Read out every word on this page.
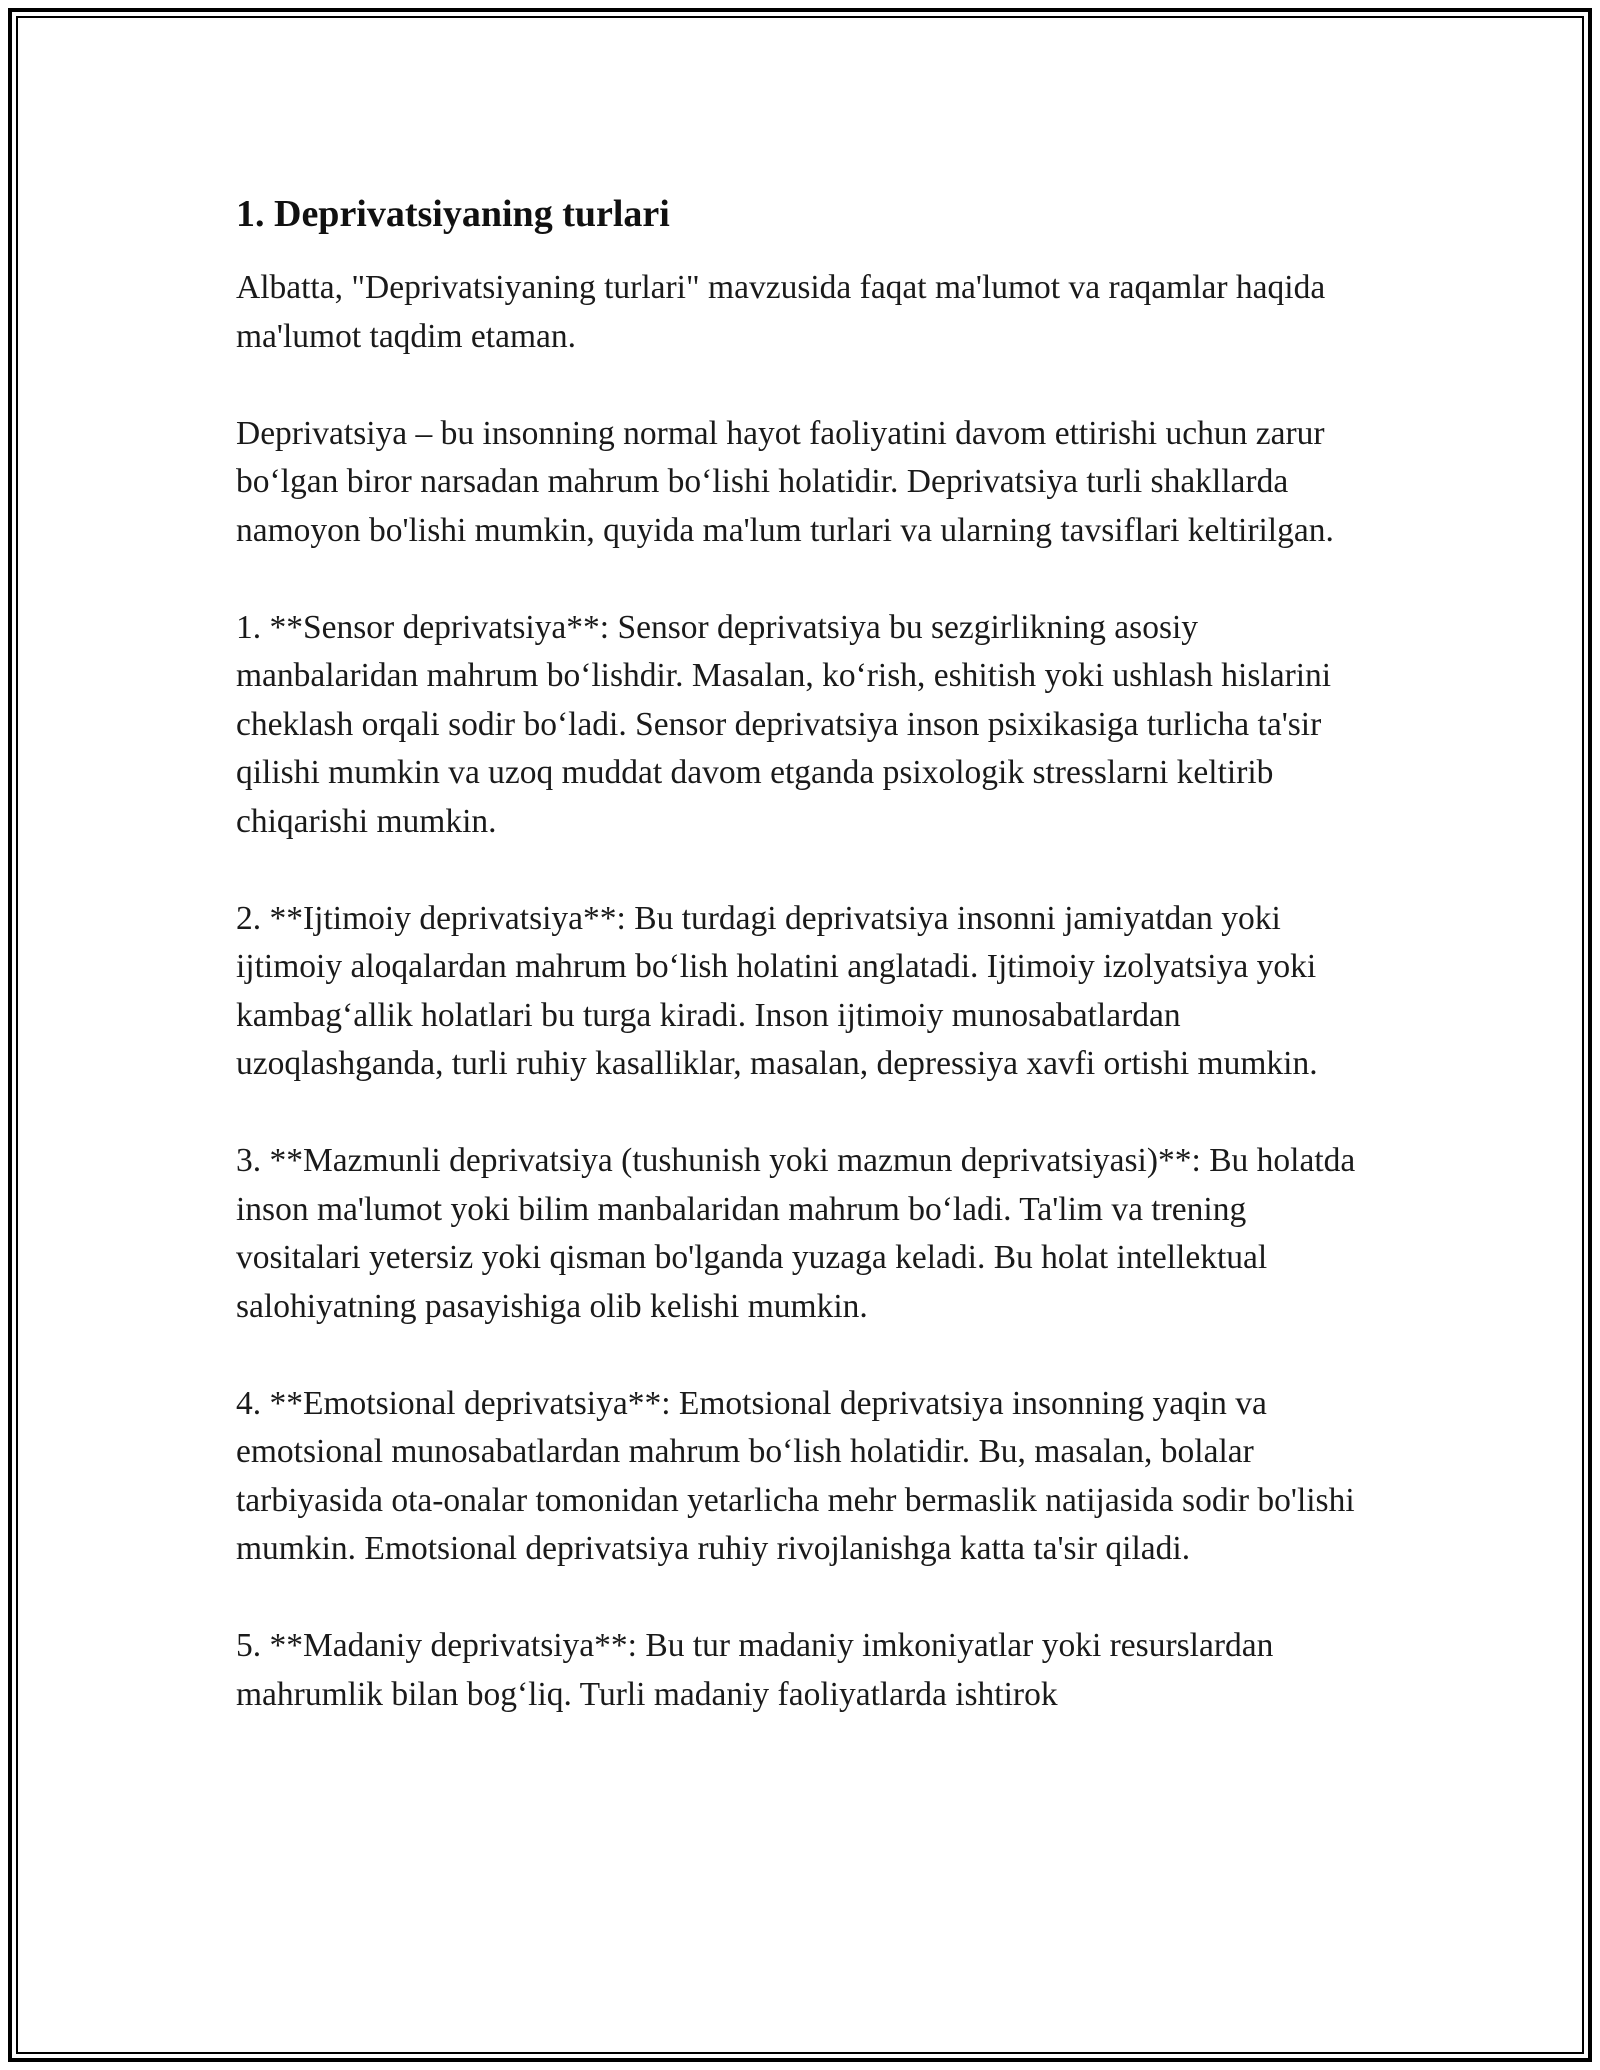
1. Deprivatsiyaning turlari

Albatta, "Deprivatsiyaning turlari" mavzusida faqat ma'lumot va raqamlar haqida ma'lumot taqdim etaman.

Deprivatsiya – bu insonning normal hayot faoliyatini davom ettirishi uchun zarur bo‘lgan biror narsadan mahrum bo‘lishi holatidir. Deprivatsiya turli shakllarda namoyon bo'lishi mumkin, quyida ma'lum turlari va ularning tavsiflari keltirilgan.

1. **Sensor deprivatsiya**: Sensor deprivatsiya bu sezgirlikning asosiy manbalaridan mahrum bo‘lishdir. Masalan, ko‘rish, eshitish yoki ushlash hislarini cheklash orqali sodir bo‘ladi. Sensor deprivatsiya inson psixikasiga turlicha ta'sir qilishi mumkin va uzoq muddat davom etganda psixologik stresslarni keltirib chiqarishi mumkin.

2. **Ijtimoiy deprivatsiya**: Bu turdagi deprivatsiya insonni jamiyatdan yoki ijtimoiy aloqalardan mahrum bo‘lish holatini anglatadi. Ijtimoiy izolyatsiya yoki kambag‘allik holatlari bu turga kiradi. Inson ijtimoiy munosabatlardan uzoqlashganda, turli ruhiy kasalliklar, masalan, depressiya xavfi ortishi mumkin.

3. **Mazmunli deprivatsiya (tushunish yoki mazmun deprivatsiyasi)**: Bu holatda inson ma'lumot yoki bilim manbalaridan mahrum bo‘ladi. Ta'lim va trening vositalari yetersiz yoki qisman bo'lganda yuzaga keladi. Bu holat intellektual salohiyatning pasayishiga olib kelishi mumkin.

4. **Emotsional deprivatsiya**: Emotsional deprivatsiya insonning yaqin va emotsional munosabatlardan mahrum bo‘lish holatidir. Bu, masalan, bolalar tarbiyasida ota-onalar tomonidan yetarlicha mehr bermaslik natijasida sodir bo'lishi mumkin. Emotsional deprivatsiya ruhiy rivojlanishga katta ta'sir qiladi.

5. **Madaniy deprivatsiya**: Bu tur madaniy imkoniyatlar yoki resurslardan mahrumlik bilan bog‘liq. Turli madaniy faoliyatlarda ishtirok
